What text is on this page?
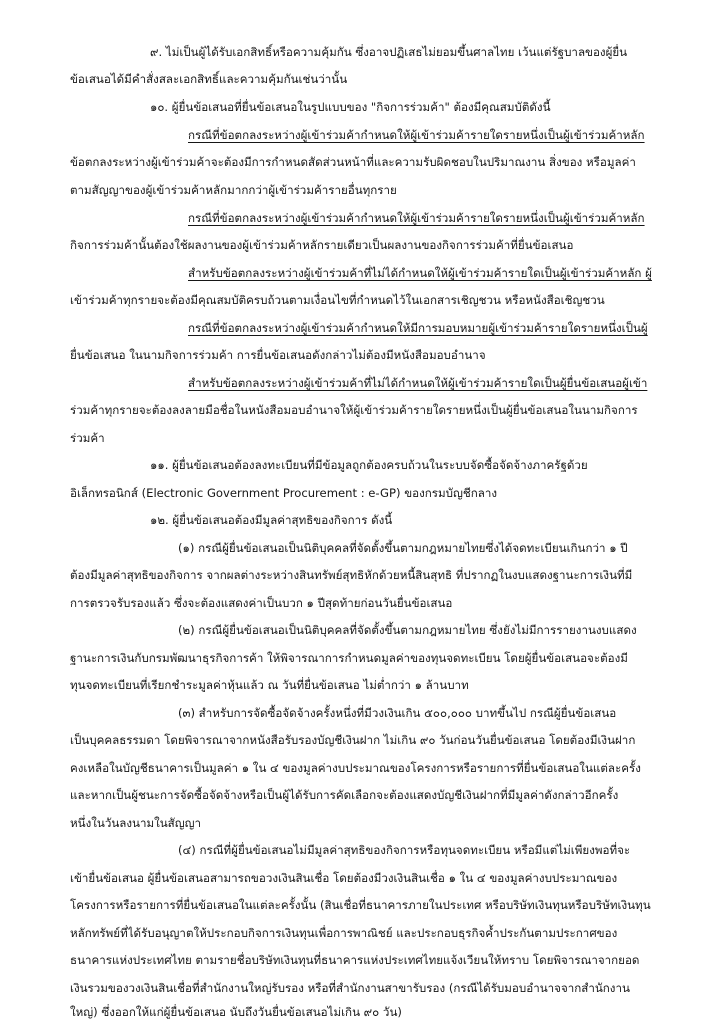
๙. ไม่เป็นผู้ได้รับเอกสิทธิ์หรือความคุ้มกัน ซึ่งอาจปฏิเสธไม่ยอมขึ้นศาลไทย เว้นแต่รัฐบาลของผู้ยื่น
ข้อเสนอได้มีคำสั่งสละเอกสิทธิ์และความคุ้มกันเช่นว่านั้น
๑๐. ผู้ยื่นข้อเสนอที่ยื่นข้อเสนอในรูปแบบของ "กิจการร่วมค้า" ต้องมีคุณสมบัติดังนี้
กรณีที่ข้อตกลงระหว่างผู้เข้าร่วมค้ากำหนดให้ผู้เข้าร่วมค้ารายใดรายหนึ่งเป็นผู้เข้าร่วมค้าหลัก
ข้อตกลงระหว่างผู้เข้าร่วมค้าจะต้องมีการกำหนดสัดส่วนหน้าที่และความรับผิดชอบในปริมาณงาน สิ่งของ หรือมูลค่า
ตามสัญญาของผู้เข้าร่วมค้าหลักมากกว่าผู้เข้าร่วมค้ารายอื่นทุกราย
กรณีที่ข้อตกลงระหว่างผู้เข้าร่วมค้ากำหนดให้ผู้เข้าร่วมค้ารายใดรายหนึ่งเป็นผู้เข้าร่วมค้าหลัก
กิจการร่วมค้านั้นต้องใช้ผลงานของผู้เข้าร่วมค้าหลักรายเดียวเป็นผลงานของกิจการร่วมค้าที่ยื่นข้อเสนอ
สำหรับข้อตกลงระหว่างผู้เข้าร่วมค้าที่ไม่ได้กำหนดให้ผู้เข้าร่วมค้ารายใดเป็นผู้เข้าร่วมค้าหลัก ผู้
เข้าร่วมค้าทุกรายจะต้องมีคุณสมบัติครบถ้วนตามเงื่อนไขที่กำหนดไว้ในเอกสารเชิญชวน หรือหนังสือเชิญชวน
กรณีที่ข้อตกลงระหว่างผู้เข้าร่วมค้ากำหนดให้มีการมอบหมายผู้เข้าร่วมค้ารายใดรายหนึ่งเป็นผู้
ยื่นข้อเสนอ ในนามกิจการร่วมค้า การยื่นข้อเสนอดังกล่าวไม่ต้องมีหนังสือมอบอำนาจ
สำหรับข้อตกลงระหว่างผู้เข้าร่วมค้าที่ไม่ได้กำหนดให้ผู้เข้าร่วมค้ารายใดเป็นผู้ยื่นข้อเสนอผู้เข้า
ร่วมค้าทุกรายจะต้องลงลายมือชื่อในหนังสือมอบอำนาจให้ผู้เข้าร่วมค้ารายใดรายหนึ่งเป็นผู้ยื่นข้อเสนอในนามกิจการ
ร่วมค้า
๑๑. ผู้ยื่นข้อเสนอต้องลงทะเบียนที่มีข้อมูลถูกต้องครบถ้วนในระบบจัดซื้อจัดจ้างภาครัฐด้วย
อิเล็กทรอนิกส์ (Electronic Government Procurement : e-GP) ของกรมบัญชีกลาง
๑๒. ผู้ยื่นข้อเสนอต้องมีมูลค่าสุทธิของกิจการ ดังนี้
(๑) กรณีผู้ยื่นข้อเสนอเป็นนิติบุคคลที่จัดตั้งขึ้นตามกฎหมายไทยซึ่งได้จดทะเบียนเกินกว่า ๑ ปี
ต้องมีมูลค่าสุทธิของกิจการ จากผลต่างระหว่างสินทรัพย์สุทธิหักด้วยหนี้สินสุทธิ ที่ปรากฏในงบแสดงฐานะการเงินที่มี
การตรวจรับรองแล้ว ซึ่งจะต้องแสดงค่าเป็นบวก ๑ ปีสุดท้ายก่อนวันยื่นข้อเสนอ
(๒) กรณีผู้ยื่นข้อเสนอเป็นนิติบุคคลที่จัดตั้งขึ้นตามกฎหมายไทย ซึ่งยังไม่มีการรายงานงบแสดง
ฐานะการเงินกับกรมพัฒนาธุรกิจการค้า ให้พิจารณาการกำหนดมูลค่าของทุนจดทะเบียน โดยผู้ยื่นข้อเสนอจะต้องมี
ทุนจดทะเบียนที่เรียกชำระมูลค่าหุ้นแล้ว ณ วันที่ยื่นข้อเสนอ ไม่ต่ำกว่า ๑ ล้านบาท
(๓) สำหรับการจัดซื้อจัดจ้างครั้งหนึ่งที่มีวงเงินเกิน ๕๐๐,๐๐๐ บาทขึ้นไป กรณีผู้ยื่นข้อเสนอ
เป็นบุคคลธรรมดา โดยพิจารณาจากหนังสือรับรองบัญชีเงินฝาก ไม่เกิน ๙๐ วันก่อนวันยื่นข้อเสนอ โดยต้องมีเงินฝาก
คงเหลือในบัญชีธนาคารเป็นมูลค่า ๑ ใน ๔ ของมูลค่างบประมาณของโครงการหรือรายการที่ยื่นข้อเสนอในแต่ละครั้ง
และหากเป็นผู้ชนะการจัดซื้อจัดจ้างหรือเป็นผู้ได้รับการคัดเลือกจะต้องแสดงบัญชีเงินฝากที่มีมูลค่าดังกล่าวอีกครั้ง
หนึ่งในวันลงนามในสัญญา
(๔) กรณีที่ผู้ยื่นข้อเสนอไม่มีมูลค่าสุทธิของกิจการหรือทุนจดทะเบียน หรือมีแต่ไม่เพียงพอที่จะ
เข้ายื่นข้อเสนอ ผู้ยื่นข้อเสนอสามารถขอวงเงินสินเชื่อ โดยต้องมีวงเงินสินเชื่อ ๑ ใน ๔ ของมูลค่างบประมาณของ
โครงการหรือรายการที่ยื่นข้อเสนอในแต่ละครั้งนั้น (สินเชื่อที่ธนาคารภายในประเทศ หรือบริษัทเงินทุนหรือบริษัทเงินทุน
หลักทรัพย์ที่ได้รับอนุญาตให้ประกอบกิจการเงินทุนเพื่อการพาณิชย์ และประกอบธุรกิจค้ำประกันตามประกาศของ
ธนาคารแห่งประเทศไทย ตามรายชื่อบริษัทเงินทุนที่ธนาคารแห่งประเทศไทยแจ้งเวียนให้ทราบ โดยพิจารณาจากยอด
เงินรวมของวงเงินสินเชื่อที่สำนักงานใหญ่รับรอง หรือที่สำนักงานสาขารับรอง (กรณีได้รับมอบอำนาจจากสำนักงาน
ใหญ่) ซึ่งออกให้แก่ผู้ยื่นข้อเสนอ นับถึงวันยื่นข้อเสนอไม่เกิน ๙๐ วัน)
